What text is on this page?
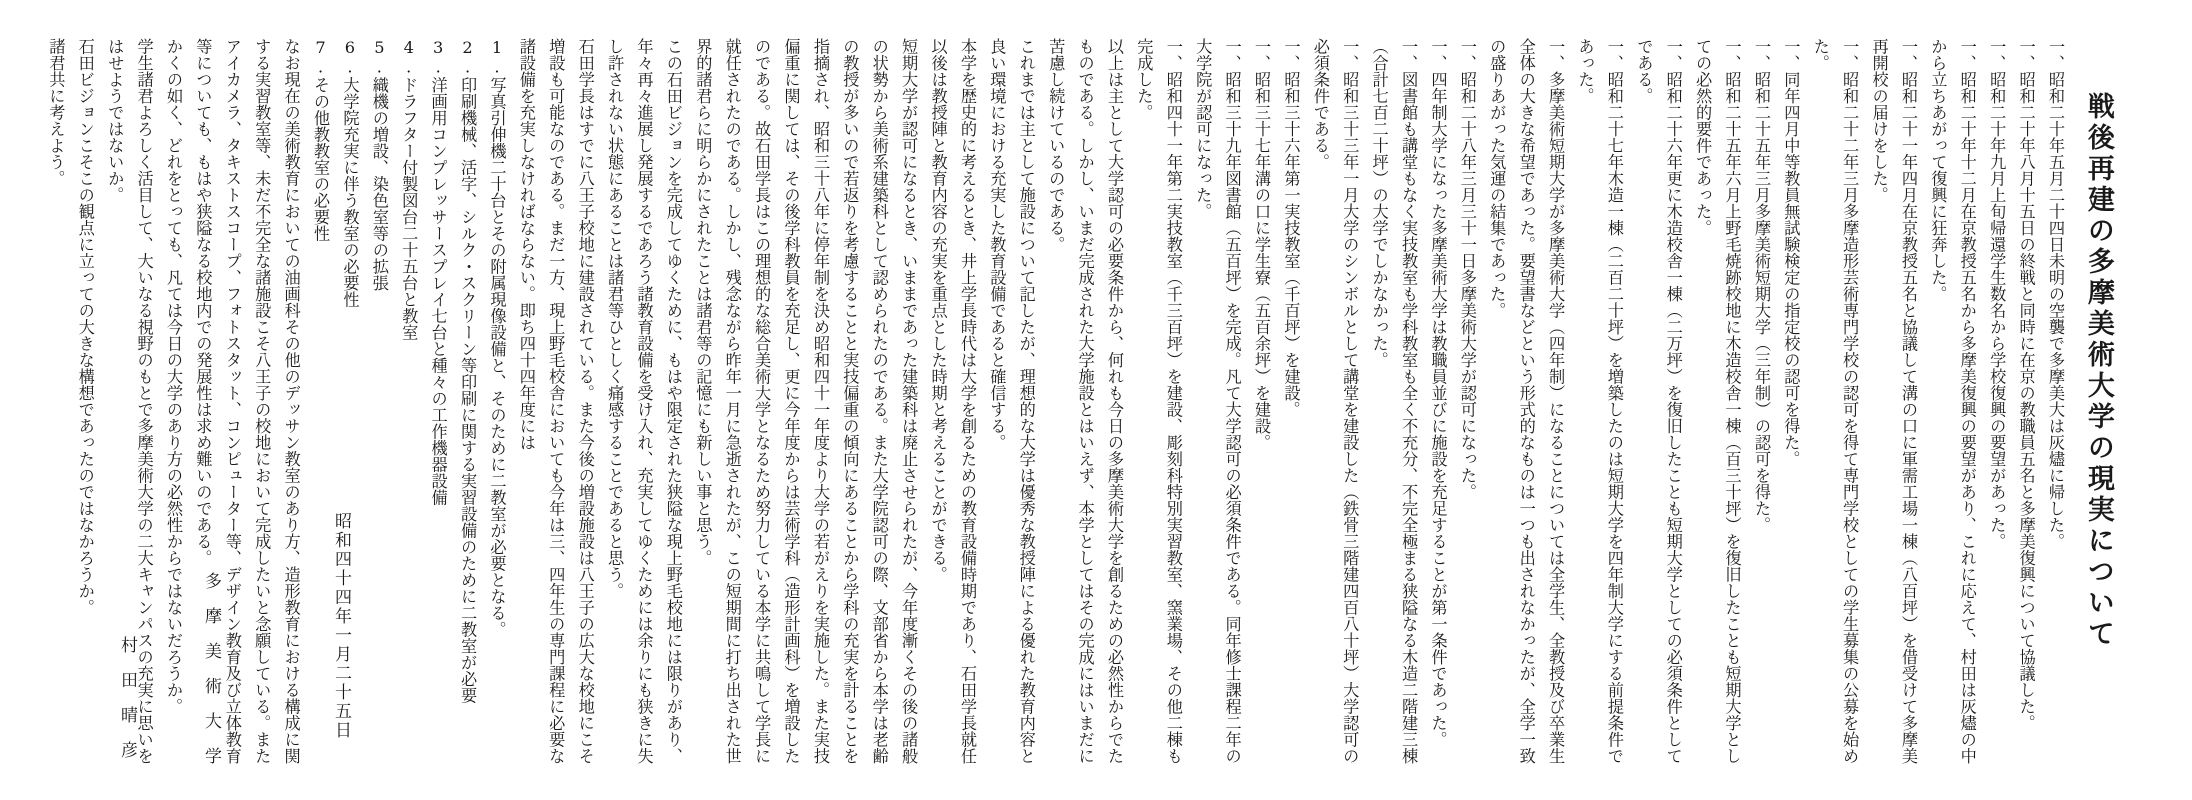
戦後再建の多摩美術大学の現実について
一、昭和二十年五月二十四日未明の空襲で多摩美大は灰燼に帰した。
一、昭和二十年八月十五日の終戦と同時に在京の教職員五名と多摩美復興について協議した。
一、昭和二十年九月上旬帰還学生数名から学校復興の要望があった。
一、昭和二十年十二月在京教授五名から多摩美復興の要望があり、これに応えて、村田は灰燼の中から立ちあがって復興に狂奔した。
一、昭和二十一年四月在京教授五名と協議して溝の口に軍需工場一棟（八百坪）を借受けて多摩美再開校の届けをした。
一、昭和二十二年三月多摩造形芸術専門学校の認可を得て専門学校としての学生募集の公募を始めた。
一、同年四月中等教員無試験検定の指定校の認可を得た。
一、昭和二十五年三月多摩美術短期大学（三年制）の認可を得た。
一、昭和二十五年六月上野毛焼跡校地に木造校舎一棟（百三十坪）を復旧したことも短期大学としての必然的要件であった。
一、昭和二十六年更に木造校舎一棟（二万坪）を復旧したことも短期大学としての必須条件としてである。
一、昭和二十七年木造一棟（二百二十坪）を増築したのは短期大学を四年制大学にする前提条件であった。
一、多摩美術短期大学が多摩美術大学（四年制）になることについては全学生、全教授及び卒業生全体の大きな希望であった。要望書などという形式的なものは一つも出されなかったが、全学一致の盛りあがった気運の結集であった。
一、昭和二十八年三月三十一日多摩美術大学が認可になった。
一、四年制大学になった多摩美術大学は教職員並びに施設を充足することが第一条件であった。
一、図書館も講堂もなく実技教室も学科教室も全く不充分、不完全極まる狭隘なる木造二階建三棟（合計七百二十坪）の大学でしかなかった。
一、昭和三十三年一月大学のシンボルとして講堂を建設した（鉄骨三階建四百八十坪）大学認可の必須条件である。
一、昭和三十六年第一実技教室（千百坪）を建設。
一、昭和三十七年溝の口に学生寮（五百余坪）を建設。
一、昭和三十九年図書館（五百坪）を完成。凡て大学認可の必須条件である。同年修士課程二年の大学院が認可になった。
一、昭和四十一年第二実技教室（千三百坪）を建設、彫刻科特別実習教室、窯業場、その他二棟も完成した。
以上は主として大学認可の必要条件から、何れも今日の多摩美術大学を創るための必然性からでたものである。しかし、いまだ完成された大学施設とはいえず、本学としてはその完成にはいまだに苦慮し続けているのである。
これまでは主として施設について記したが、理想的な大学は優秀な教授陣による優れた教育内容と良い環境における充実した教育設備であると確信する。
本学を歴史的に考えるとき、井上学長時代は大学を創るための教育設備時期であり、石田学長就任以後は教授陣と教育内容の充実を重点とした時期と考えることができる。
短期大学が認可になるとき、いままであった建築科は廃止させられたが、今年度漸くその後の諸般の状勢から美術系建築科として認められたのである。また大学院認可の際、文部省から本学は老齢の教授が多いので若返りを考慮することと実技偏重の傾向にあることから学科の充実を計ることを指摘され、昭和三十八年に停年制を決め昭和四十一年度より大学の若がえりを実施した。また実技偏重に関しては、その後学科教員を充足し、更に今年度からは芸術学科（造形計画科）を増設したのである。故石田学長はこの理想的な総合美術大学となるため努力している本学に共鳴して学長に就任されたのである。しかし、残念ながら昨年一月に急逝されたが、この短期間に打ち出された世界的諸君らに明らかにされたことは諸君等の記憶にも新しい事と思う。
この石田ビジョンを完成してゆくために、もはや限定された狭隘な現上野毛校地には限りがあり、年々再々進展し発展するであろう諸教育設備を受け入れ、充実してゆくためには余りにも狭きに失し許されない状態にあることは諸君等ひとしく痛感することであると思う。
石田学長はすでに八王子校地に建設されている。また今後の増設施設は八王子の広大な校地にこそ増設も可能なのである。まだ一方、現上野毛校舎においても今年は三、四年生の専門課程に必要な諸設備を充実しなければならない。即ち四十四年度には
1.写真引伸機二十台とその附属現像設備と、そのために二教室が必要となる。
2.印刷機械、活字、シルク・スクリーン等印刷に関する実習設備のために二教室が必要
3.洋画用コンプレッサースプレイ七台と種々の工作機器設備
4.ドラフター付製図台二十五台と教室
5.織機の増設、染色室等の拡張
6.大学院充実に伴う教室の必要性
7.その他教教室の必要性
なお現在の美術教育においての油画科その他のデッサン教室のあり方、造形教育における構成に関する実習教室等、未だ不完全な諸施設こそ八王子の校地において完成したいと念願している。またアイカメラ、タキストスコープ、フォトスタット、コンピューター等、デザイン教育及び立体教育等についても、もはや狭隘なる校地内での発展性は求め難いのである。
かくの如く、どれをとっても、凡ては今日の大学のあり方の必然性からではないだろうか。
学生諸君よろしく活目して、大いなる視野のもとで多摩美術大学の二大キャンパスの充実に思いをはせようではないか。
石田ビジョンこそこの観点に立っての大きな構想であったのではなかろうか。
諸君共に考えよう。

昭和四十四年一月二十五日

多摩美術大学

村田晴彦
